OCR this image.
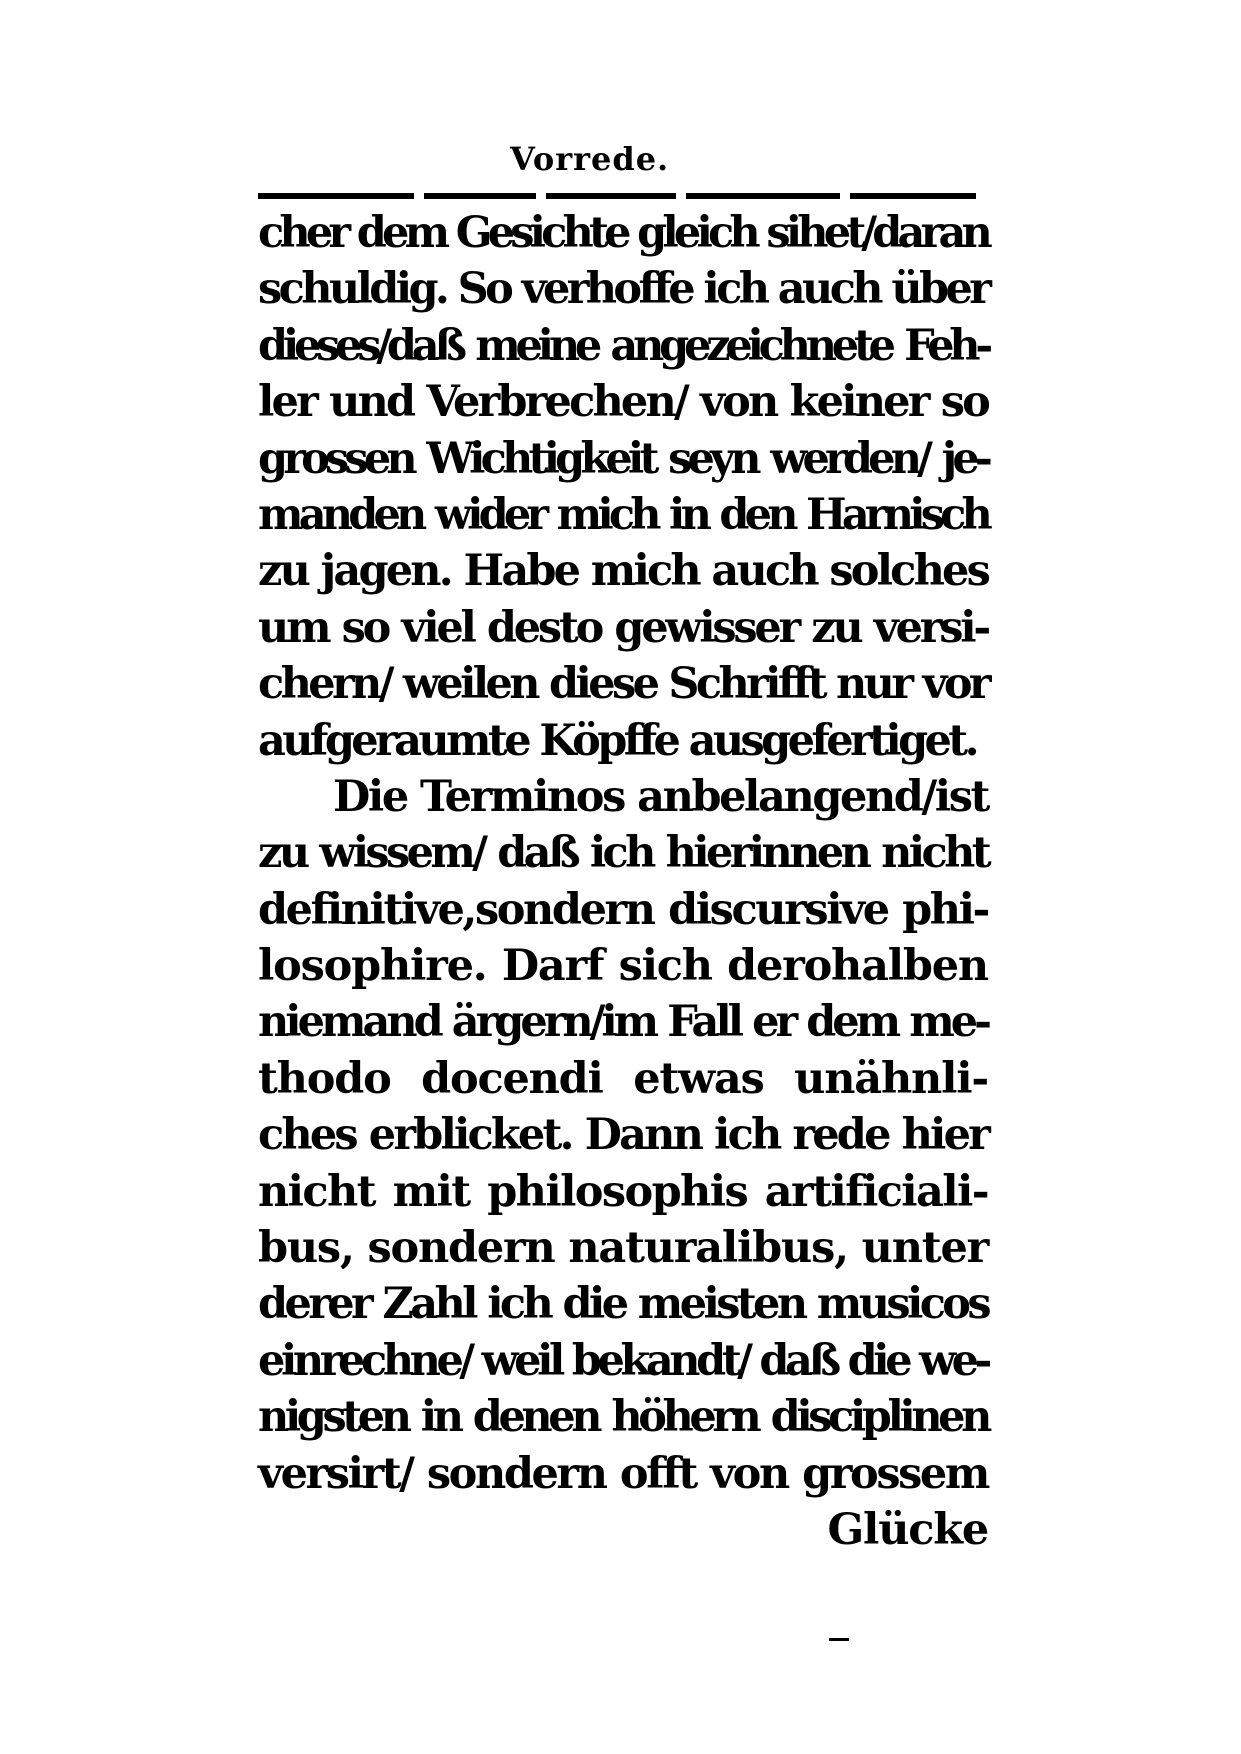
Vorrede.
cher dem Gesichte gleich sihet/daran
schuldig. So verhoffe ich auch über
dieses/daß meine angezeichnete Feh-
ler und Verbrechen/ von keiner so
grossen Wichtigkeit seyn werden/ je-
manden wider mich in den Harnisch
zu jagen. Habe mich auch solches
um so viel desto gewisser zu versi-
chern/ weilen diese Schrifft nur vor
aufgeraumte Köpffe ausgefertiget.
Die Terminos anbelangend/ist
zu wissem/ daß ich hierinnen nicht
definitive,sondern discursive phi-
losophire. Darf sich derohalben
niemand ärgern/im Fall er dem me-
thodo docendi etwas unähnli-
ches erblicket. Dann ich rede hier
nicht mit philosophis artificiali-
bus, sondern naturalibus, unter
derer Zahl ich die meisten musicos
einrechne/ weil bekandt/ daß die we-
nigsten in denen höhern disciplinen
versirt/ sondern offt von grossem
Glücke
